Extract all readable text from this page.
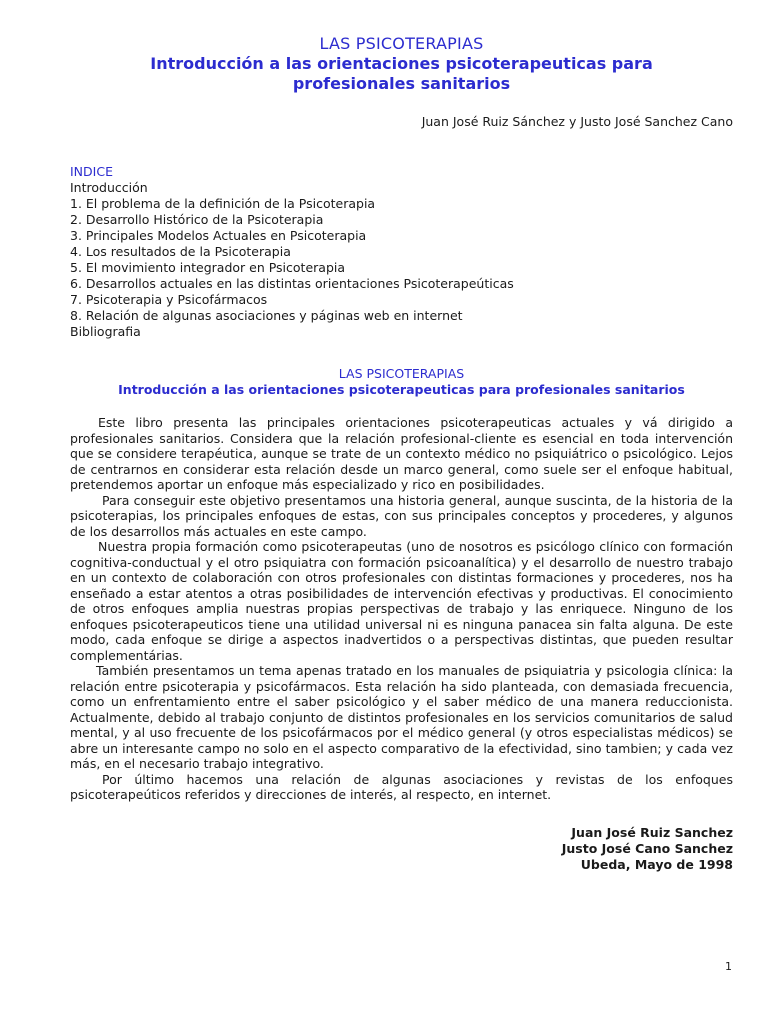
LAS PSICOTERAPIAS
Introducción a las orientaciones psicoterapeuticas para
profesionales sanitarios
Juan José Ruiz Sánchez y Justo José Sanchez Cano
INDICE
Introducción
1. El problema de la definición de la Psicoterapia
2. Desarrollo Histórico de la Psicoterapia
3. Principales Modelos Actuales en Psicoterapia
4. Los resultados de la Psicoterapia
5. El movimiento integrador en Psicoterapia
6. Desarrollos actuales en las distintas orientaciones Psicoterapeúticas
7. Psicoterapia y Psicofármacos
8. Relación de algunas asociaciones y páginas web en internet
Bibliografia
LAS PSICOTERAPIAS
Introducción a las orientaciones psicoterapeuticas para profesionales sanitarios

Este libro presenta las principales orientaciones psicoterapeuticas actuales y vá dirigido a profesionales sanitarios. Considera que la relación profesional-cliente es esencial en toda intervención que se considere terapéutica, aunque se trate de un contexto médico no psiquiátrico o psicológico. Lejos de centrarnos en considerar esta relación desde un marco general, como suele ser el enfoque habitual, pretendemos aportar un enfoque más especializado y rico en posibilidades.

Para conseguir este objetivo presentamos una historia general, aunque suscinta, de la historia de la psicoterapias, los principales enfoques de estas, con sus principales conceptos y procederes, y algunos de los desarrollos más actuales en este campo.

Nuestra propia formación como psicoterapeutas (uno de nosotros es psicólogo clínico con formación cognitiva-conductual y el otro psiquiatra con formación psicoanalítica) y el desarrollo de nuestro trabajo en un contexto de colaboración con otros profesionales con distintas formaciones y procederes, nos ha enseñado a estar atentos a otras posibilidades de intervención efectivas y productivas. El conocimiento de otros enfoques amplia nuestras propias perspectivas de trabajo y las enriquece. Ninguno de los enfoques psicoterapeuticos tiene una utilidad universal ni es ninguna panacea sin falta alguna. De este modo, cada enfoque se dirige a aspectos inadvertidos o a perspectivas distintas, que pueden resultar complementárias.

También presentamos un tema apenas tratado en los manuales de psiquiatria y psicologia clínica: la relación entre psicoterapia y psicofármacos. Esta relación ha sido planteada, con demasiada frecuencia, como un enfrentamiento entre el saber psicológico y el saber médico de una manera reduccionista. Actualmente, debido al trabajo conjunto de distintos profesionales en los servicios comunitarios de salud mental, y al uso frecuente de los psicofármacos por el médico general (y otros especialistas médicos) se abre un interesante campo no solo en el aspecto comparativo de la efectividad, sino tambien; y cada vez más, en el necesario trabajo integrativo.

Por último hacemos una relación de algunas asociaciones y revistas de los enfoques psicoterapeúticos referidos y direcciones de interés, al respecto, en internet.

Juan José Ruiz Sanchez
Justo José Cano Sanchez
Ubeda, Mayo de 1998
1
